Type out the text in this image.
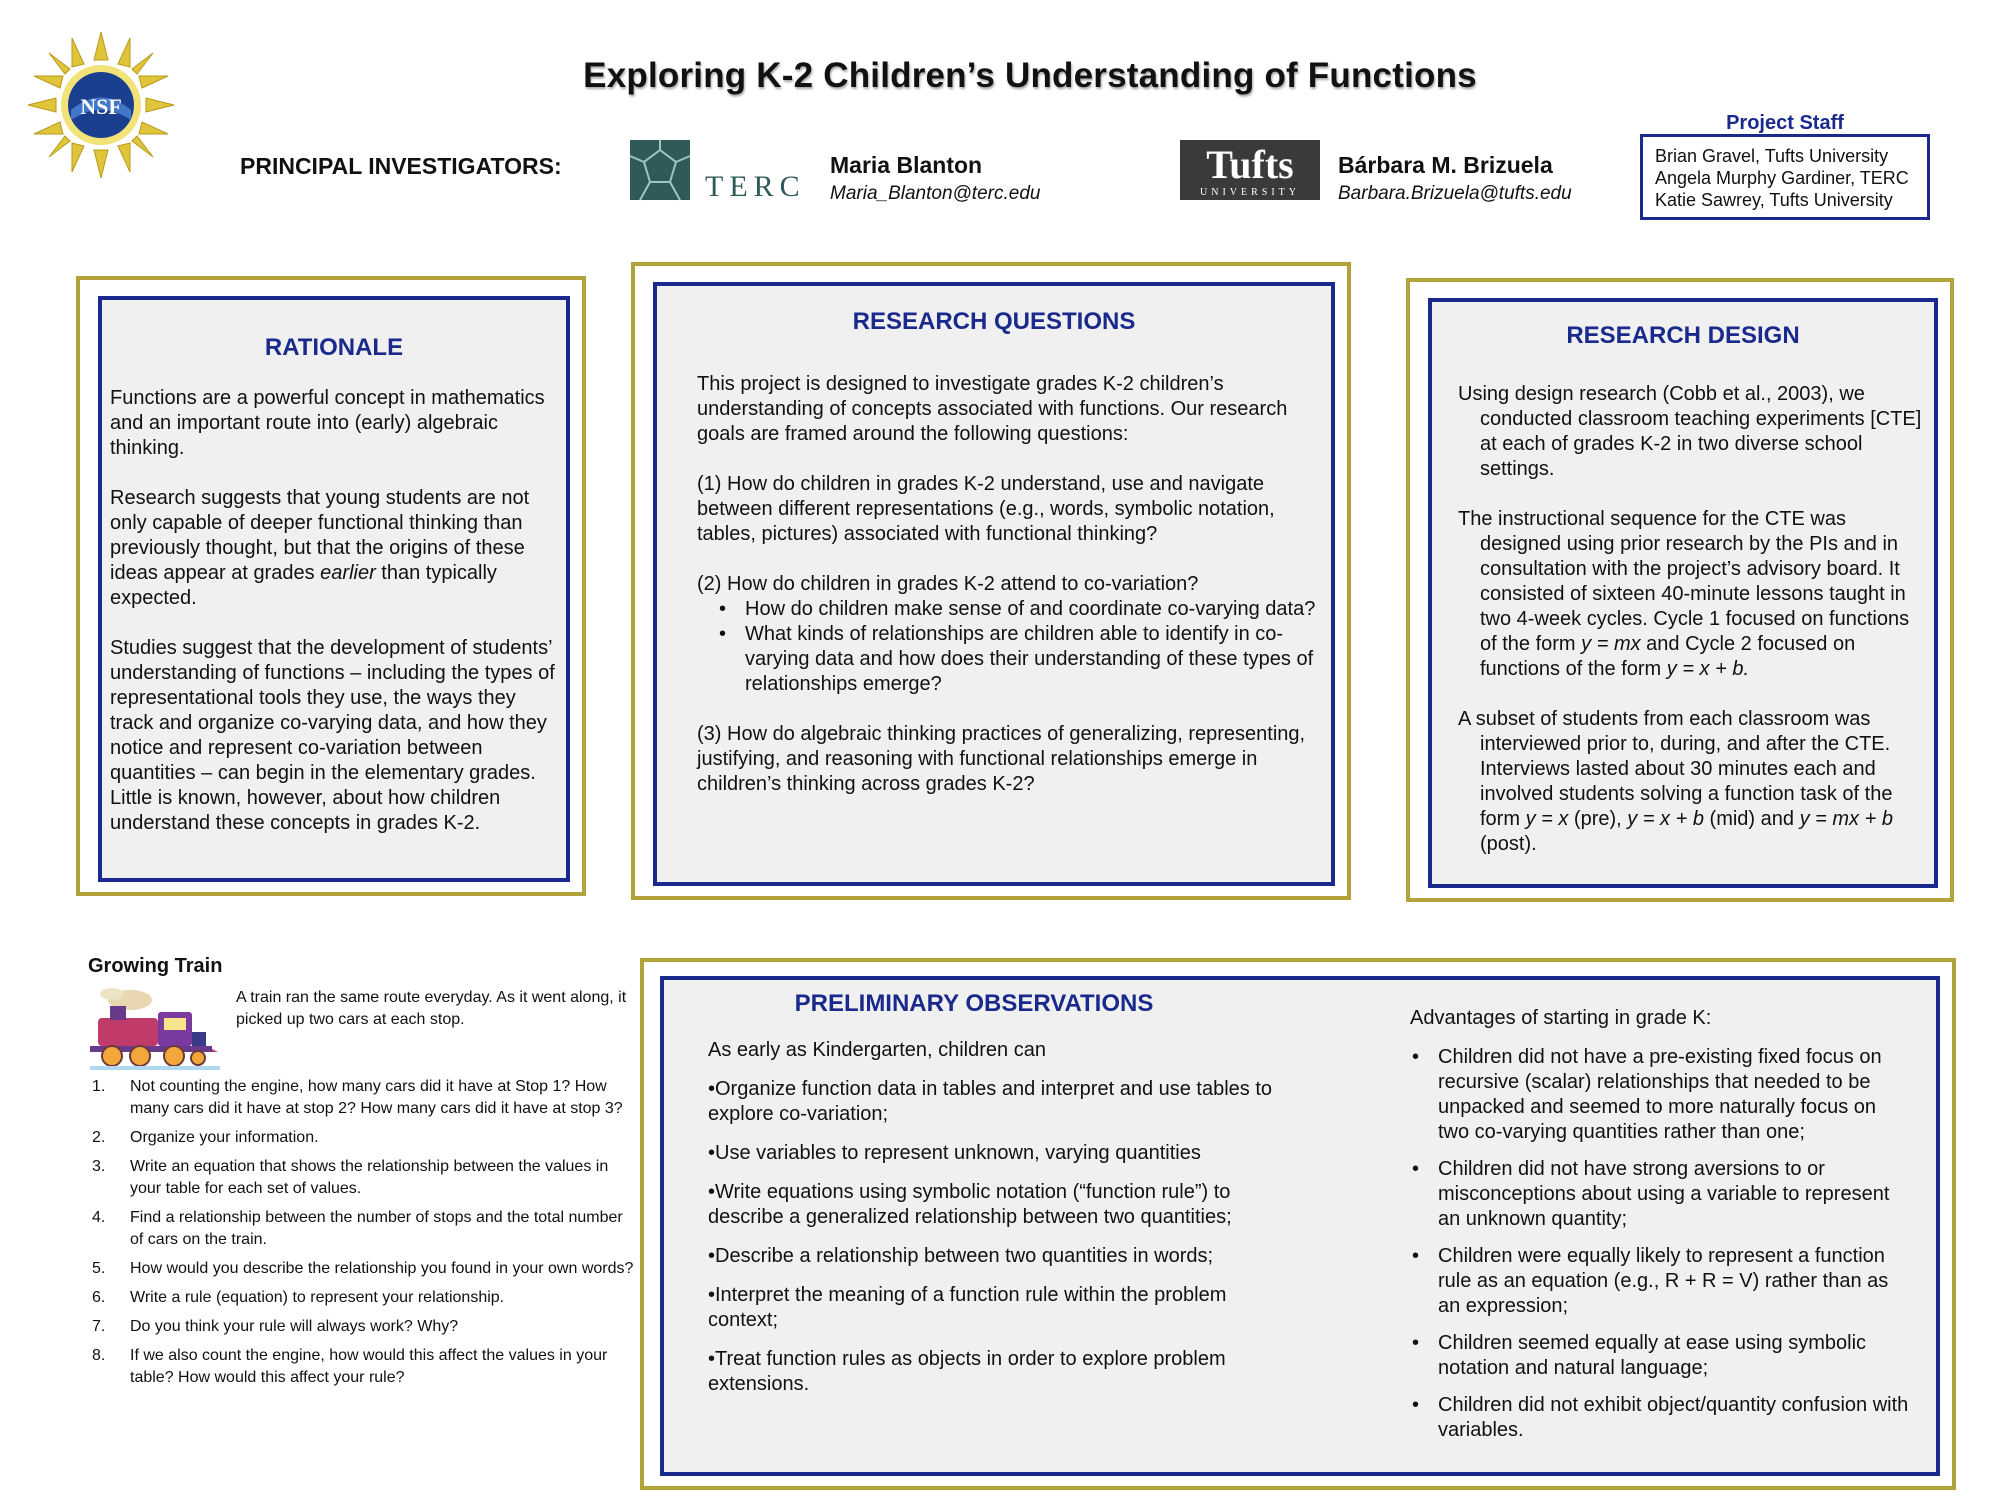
NSF
Exploring K-2 Children’s Understanding of Functions
PRINCIPAL INVESTIGATORS:
TERC
Maria Blanton
Maria_Blanton@terc.edu
Tufts
UNIVERSITY
Bárbara M. Brizuela
Barbara.Brizuela@tufts.edu
Project Staff
Brian Gravel, Tufts University
Angela Murphy Gardiner, TERC
Katie Sawrey, Tufts University
RATIONALE

Functions are a powerful concept in mathematics and an important route into (early) algebraic thinking.

Research suggests that young students are not only capable of deeper functional thinking than previously thought, but that the origins of these ideas appear at grades earlier than typically expected.

Studies suggest that the development of students’ understanding of functions – including the types of representational tools they use, the ways they track and organize co-varying data, and how they notice and represent co-variation between quantities – can begin in the elementary grades. Little is known, however, about how children understand these concepts in grades K-2.

RESEARCH QUESTIONS

This project is designed to investigate grades K-2 children’s understanding of concepts associated with functions. Our research goals are framed around the following questions:

(1) How do children in grades K-2 understand, use and navigate between different representations (e.g., words, symbolic notation, tables, pictures) associated with functional thinking?

(2) How do children in grades K-2 attend to co-variation?
• How do children make sense of and coordinate co-varying data?
• What kinds of relationships are children able to identify in co-varying data and how does their understanding of these types of relationships emerge?

(3) How do algebraic thinking practices of generalizing, representing, justifying, and reasoning with functional relationships emerge in children’s thinking across grades K-2?

RESEARCH DESIGN

Using design research (Cobb et al., 2003), we conducted classroom teaching experiments [CTE] at each of grades K-2 in two diverse school settings.

The instructional sequence for the CTE was designed using prior research by the PIs and in consultation with the project’s advisory board. It consisted of sixteen 40-minute lessons taught in two 4-week cycles. Cycle 1 focused on functions of the form y = mx and Cycle 2 focused on functions of the form y = x + b.

A subset of students from each classroom was interviewed prior to, during, and after the CTE. Interviews lasted about 30 minutes each and involved students solving a function task of the form y = x (pre), y = x + b (mid) and y = mx + b (post).

Growing Train
A train ran the same route everyday. As it went along, it picked up two cars at each stop.
1. Not counting the engine, how many cars did it have at Stop 1? How many cars did it have at stop 2? How many cars did it have at stop 3?
2. Organize your information.
3. Write an equation that shows the relationship between the values in your table for each set of values.
4. Find a relationship between the number of stops and the total number of cars on the train.
5. How would you describe the relationship you found in your own words?
6. Write a rule (equation) to represent your relationship.
7. Do you think your rule will always work? Why?
8. If we also count the engine, how would this affect the values in your table? How would this affect your rule?
PRELIMINARY OBSERVATIONS

As early as Kindergarten, children can

•Organize function data in tables and interpret and use tables to explore co-variation;

•Use variables to represent unknown, varying quantities

•Write equations using symbolic notation (“function rule”) to describe a generalized relationship between two quantities;

•Describe a relationship between two quantities in words;

•Interpret the meaning of a function rule within the problem context;

•Treat function rules as objects in order to explore problem extensions.

Advantages of starting in grade K:
• Children did not have a pre-existing fixed focus on recursive (scalar) relationships that needed to be unpacked and seemed to more naturally focus on two co-varying quantities rather than one;
• Children did not have strong aversions to or misconceptions about using a variable to represent an unknown quantity;
• Children were equally likely to represent a function rule as an equation (e.g., R + R = V) rather than as an expression;
• Children seemed equally at ease using symbolic notation and natural language;
• Children did not exhibit object/quantity confusion with variables.
